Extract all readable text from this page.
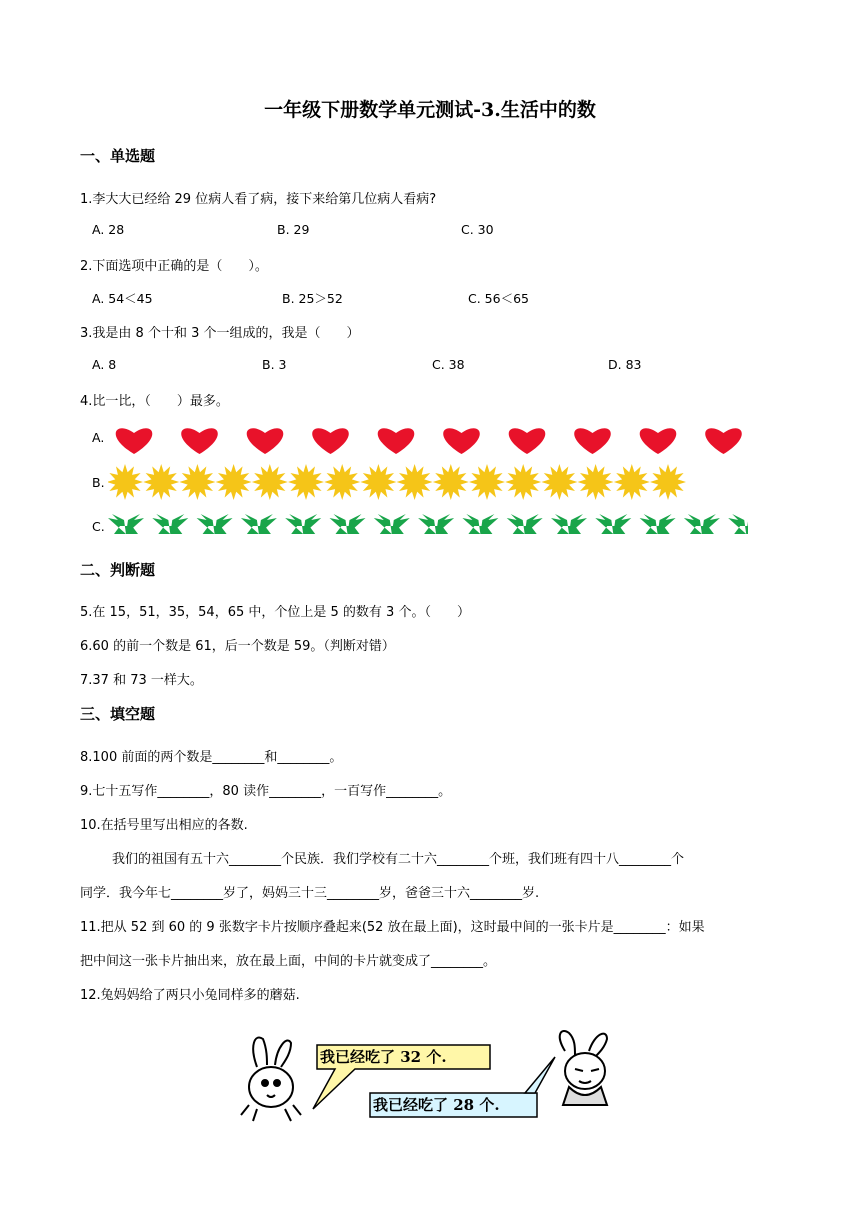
一年级下册数学单元测试-3.生活中的数
一、单选题
1.李大大已经给 29 位病人看了病，接下来给第几位病人看病?
A. 28	B. 29	C. 30
2.下面选项中正确的是（　　）。
A. 54＜45	B. 25＞52	C. 56＜65
3.我是由 8 个十和 3 个一组成的，我是（　　）
A. 8	B. 3	C. 38	D. 83
4.比一比，（　　）最多。
A.
B.
C.
二、判断题
5.在 15，51，35，54，65 中，个位上是 5 的数有 3 个。（　　）
6.60 的前一个数是 61，后一个数是 59。（判断对错）
7.37 和 73 一样大。
三、填空题
8.100 前面的两个数是________和________。
9.七十五写作________，80 读作________，一百写作________。
10.在括号里写出相应的各数.
我们的祖国有五十六________个民族．我们学校有二十六________个班，我们班有四十八________个
同学．我今年七________岁了，妈妈三十三________岁，爸爸三十六________岁.
11.把从 52 到 60 的 9 张数字卡片按顺序叠起来(52 放在最上面)，这时最中间的一张卡片是________：如果
把中间这一张卡片抽出来，放在最上面，中间的卡片就变成了________。
12.兔妈妈给了两只小兔同样多的蘑菇.
我已经吃了 32 个.
我已经吃了 28 个.
